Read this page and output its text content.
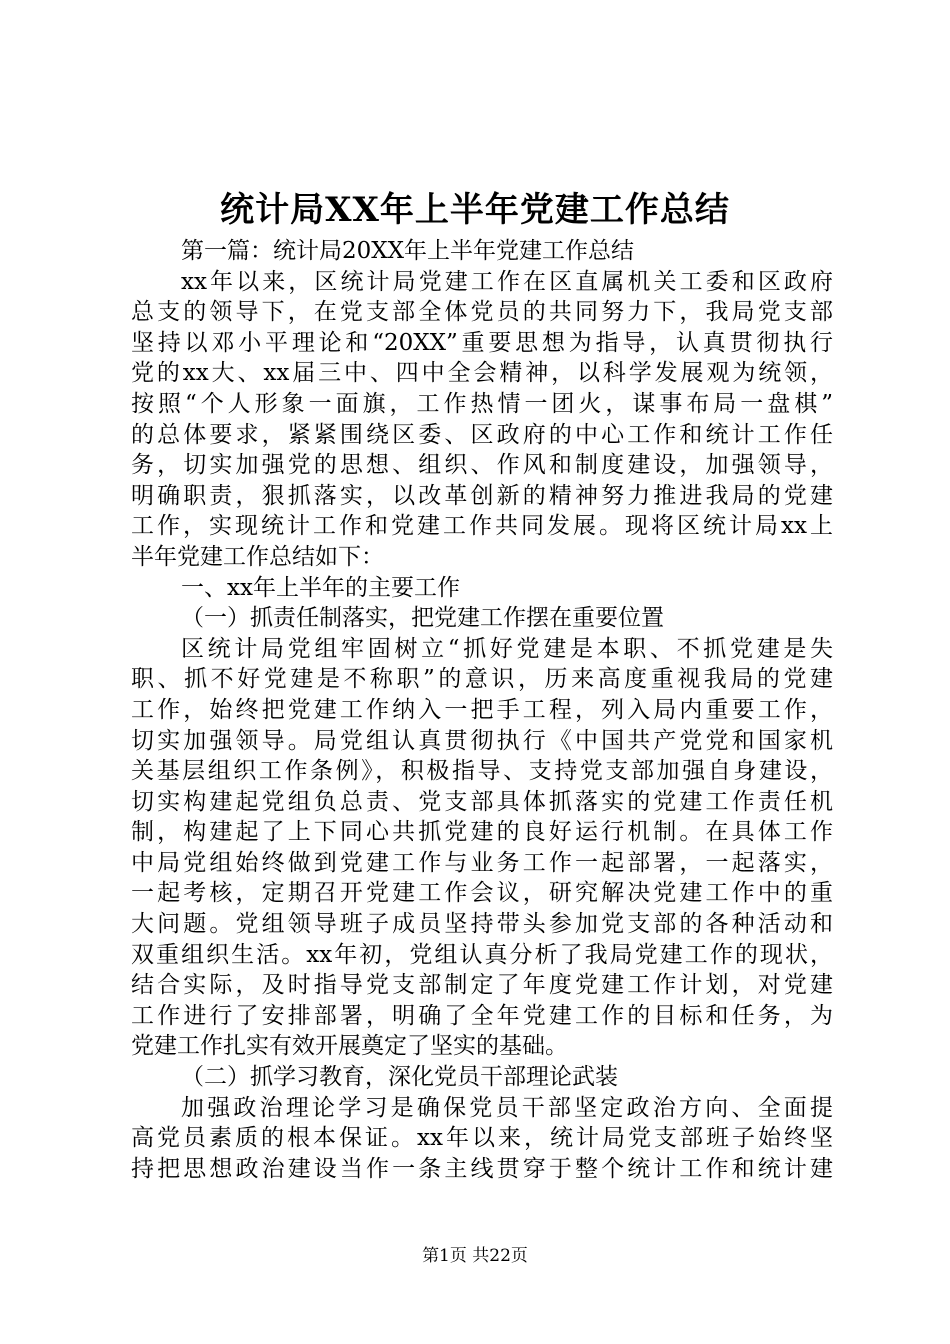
统计局XX年上半年党建工作总结
第一篇：统计局20XX年上半年党建工作总结
xx年以来，区统计局党建工作在区直属机关工委和区政府
总支的领导下，在党支部全体党员的共同努力下，我局党支部
坚持以邓小平理论和“20XX”重要思想为指导，认真贯彻执行
党的xx大、xx届三中、四中全会精神，以科学发展观为统领，
按照“个人形象一面旗，工作热情一团火，谋事布局一盘棋”
的总体要求，紧紧围绕区委、区政府的中心工作和统计工作任
务，切实加强党的思想、组织、作风和制度建设，加强领导，
明确职责，狠抓落实，以改革创新的精神努力推进我局的党建
工作，实现统计工作和党建工作共同发展。现将区统计局xx上
半年党建工作总结如下：
一、xx年上半年的主要工作
（一）抓责任制落实，把党建工作摆在重要位置
区统计局党组牢固树立“抓好党建是本职、不抓党建是失
职、抓不好党建是不称职”的意识，历来高度重视我局的党建
工作，始终把党建工作纳入一把手工程，列入局内重要工作，
切实加强领导。局党组认真贯彻执行《中国共产党党和国家机
关基层组织工作条例》，积极指导、支持党支部加强自身建设，
切实构建起党组负总责、党支部具体抓落实的党建工作责任机
制，构建起了上下同心共抓党建的良好运行机制。在具体工作
中局党组始终做到党建工作与业务工作一起部署，一起落实，
一起考核，定期召开党建工作会议，研究解决党建工作中的重
大问题。党组领导班子成员坚持带头参加党支部的各种活动和
双重组织生活。xx年初，党组认真分析了我局党建工作的现状，
结合实际，及时指导党支部制定了年度党建工作计划，对党建
工作进行了安排部署，明确了全年党建工作的目标和任务，为
党建工作扎实有效开展奠定了坚实的基础。
（二）抓学习教育，深化党员干部理论武装
加强政治理论学习是确保党员干部坚定政治方向、全面提
高党员素质的根本保证。xx年以来，统计局党支部班子始终坚
持把思想政治建设当作一条主线贯穿于整个统计工作和统计建
第1页 共22页
